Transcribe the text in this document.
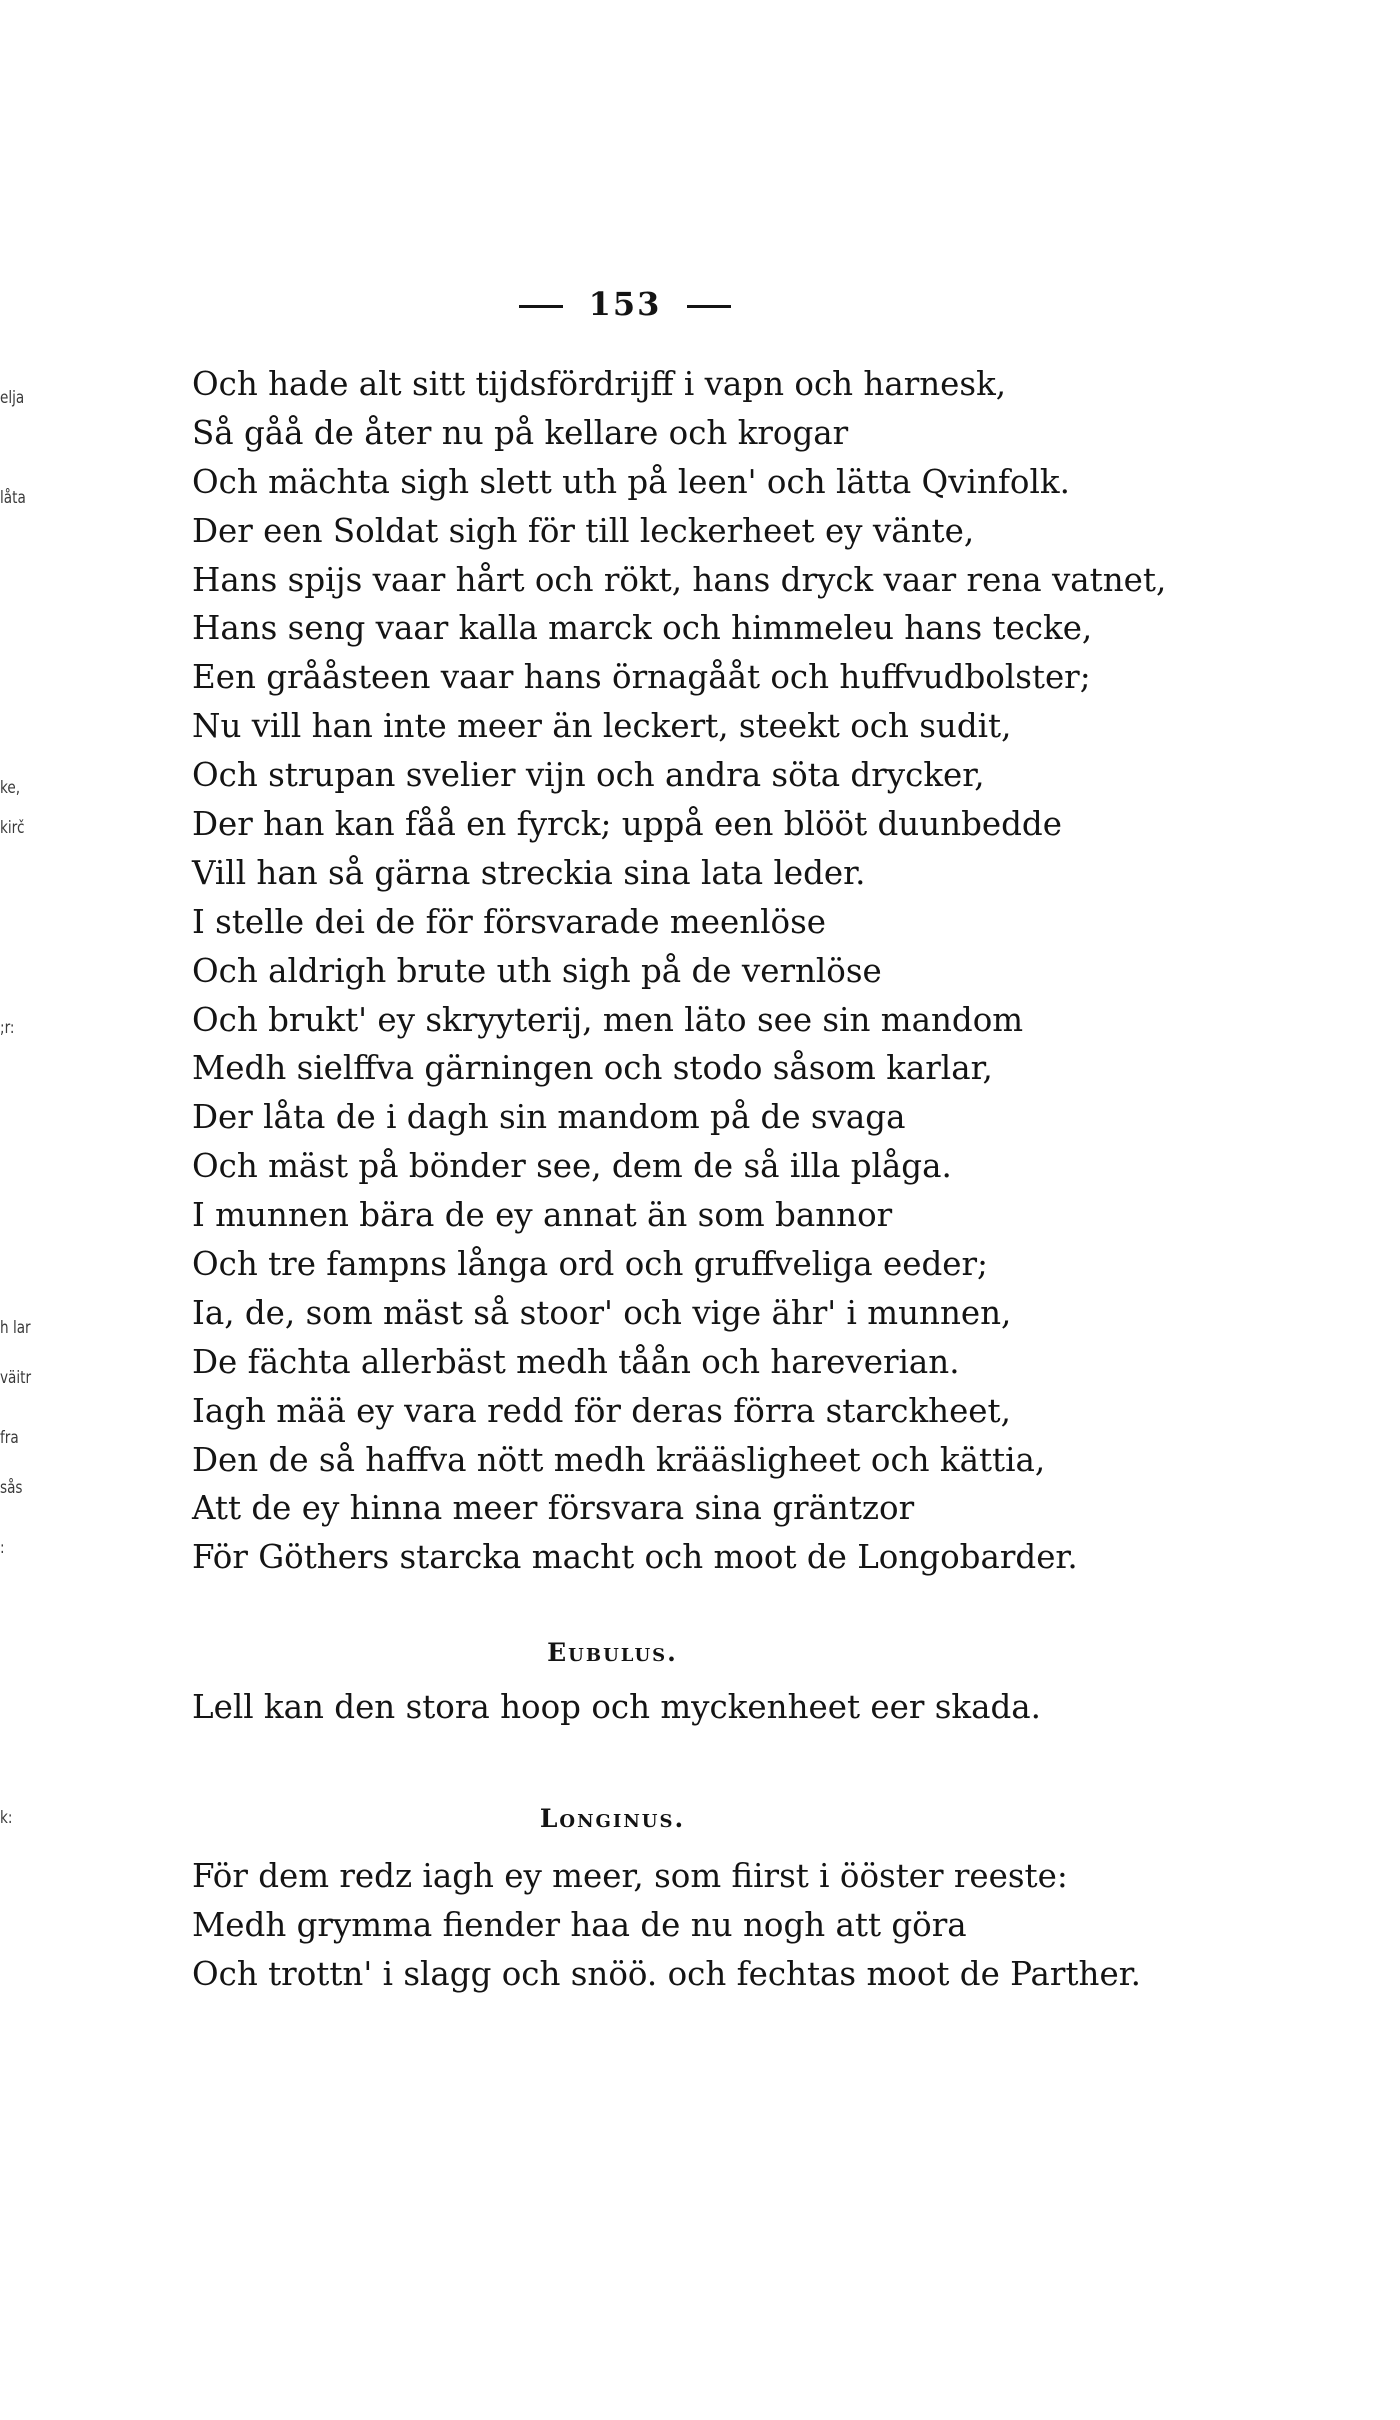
153
elja
låta
ke,
kirč
;r:
h lar
väitr
fra
sås
:
k:
Och hade alt sitt tijdsfördrijff i vapn och harnesk,
Så gåå de åter nu på kellare och krogar
Och mächta sigh slett uth på leen' och lätta Qvinfolk.
Der een Soldat sigh för till leckerheet ey vänte,
Hans spijs vaar hårt och rökt, hans dryck vaar rena vatnet,
Hans seng vaar kalla marck och himmeleu hans tecke,
Een grååsteen vaar hans örnagååt och huffvudbolster;
Nu vill han inte meer än leckert, steekt och sudit,
Och strupan svelier vijn och andra söta drycker,
Der han kan fåå en fyrck; uppå een blööt duunbedde
Vill han så gärna streckia sina lata leder.
I stelle dei de för försvarade meenlöse
Och aldrigh brute uth sigh på de vernlöse
Och brukt' ey skryyterij, men läto see sin mandom
Medh sielffva gärningen och stodo såsom karlar,
Der låta de i dagh sin mandom på de svaga
Och mäst på bönder see, dem de så illa plåga.
I munnen bära de ey annat än som bannor
Och tre fampns långa ord och gruffveliga eeder;
Ia, de, som mäst så stoor' och vige ähr' i munnen,
De fächta allerbäst medh tåån och hareverian.
Iagh mää ey vara redd för deras förra starckheet,
Den de så haffva nött medh krääsligheet och kättia,
Att de ey hinna meer försvara sina gräntzor
För Göthers starcka macht och moot de Longobarder.
Eubulus.
Lell kan den stora hoop och myckenheet eer skada.
Longinus.
För dem redz iagh ey meer, som fiirst i ööster reeste:
Medh grymma fiender haa de nu nogh att göra
Och trottn' i slagg och snöö. och fechtas moot de Parther.
